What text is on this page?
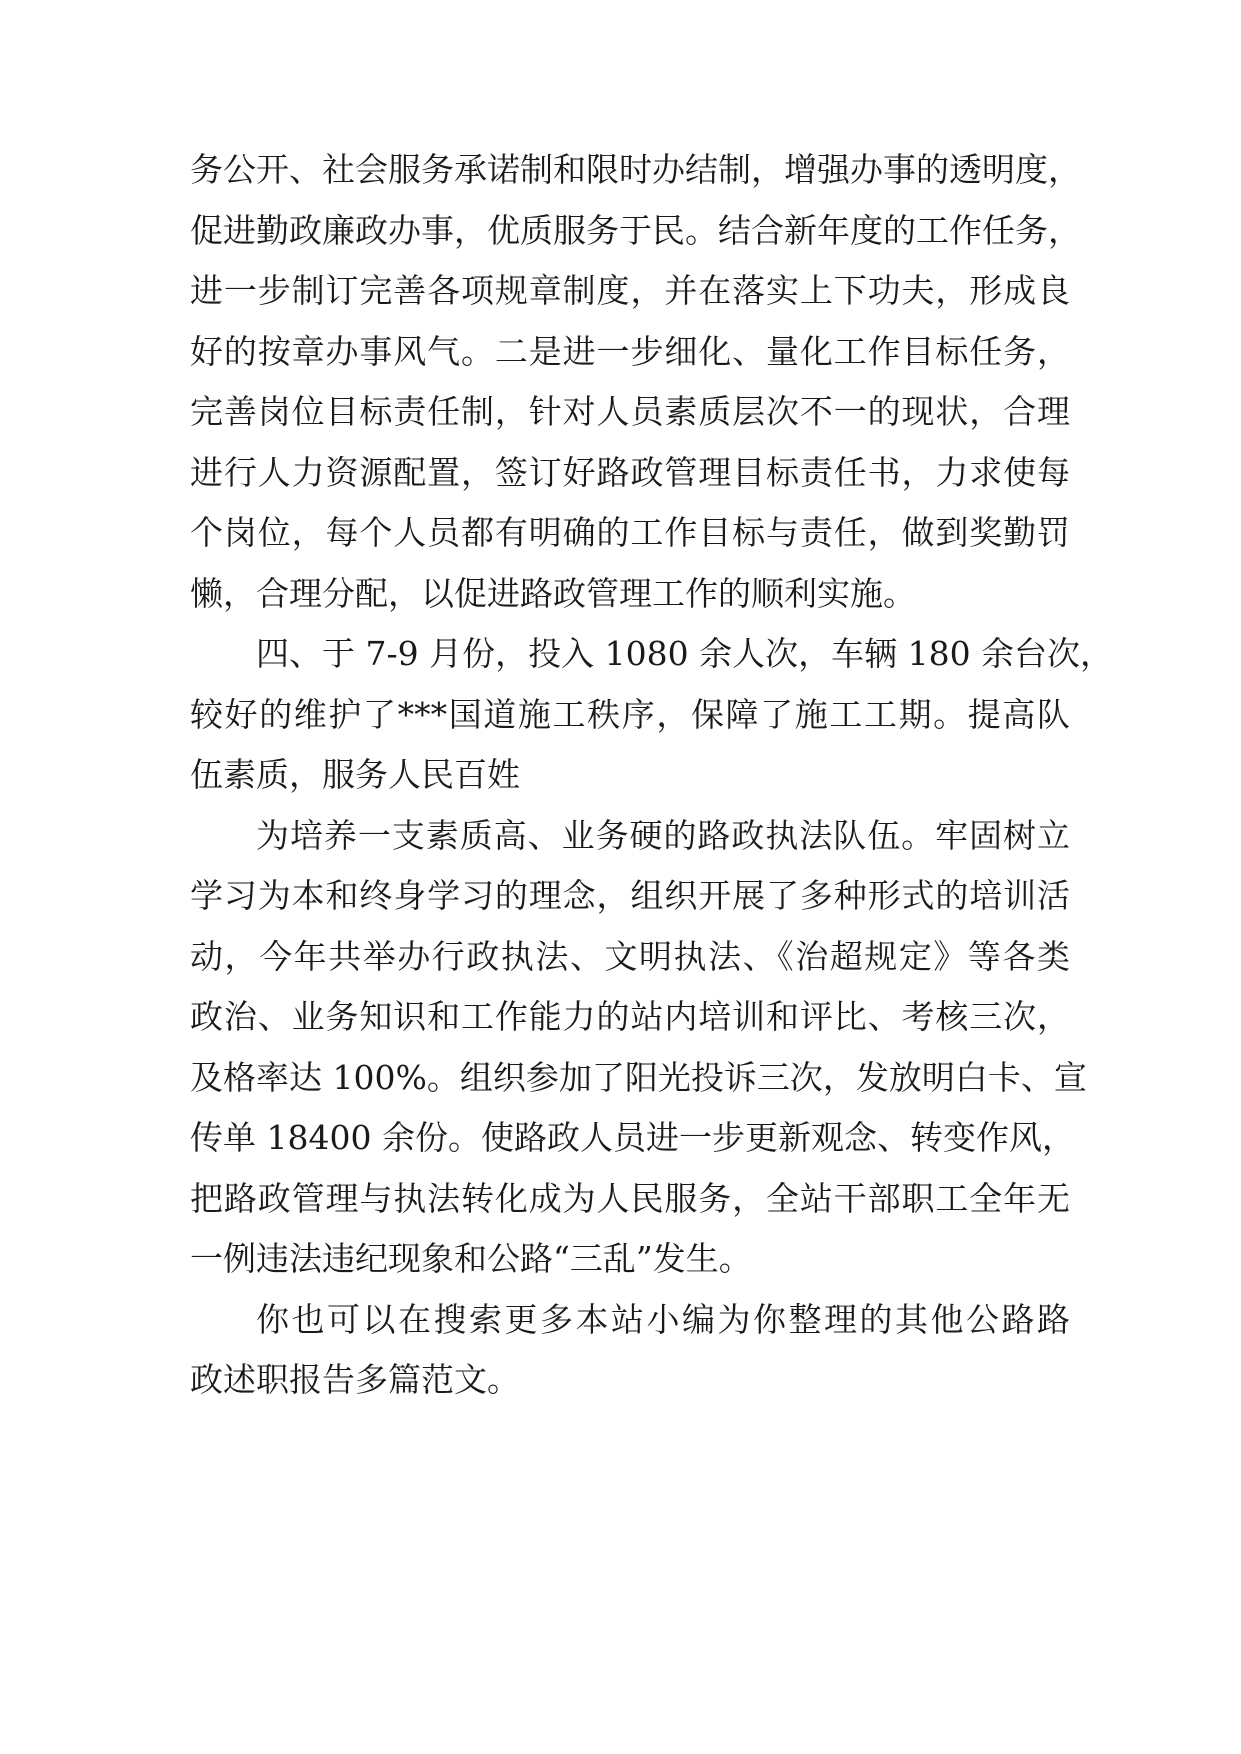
务公开、社会服务承诺制和限时办结制，增强办事的透明度，
促进勤政廉政办事，优质服务于民。结合新年度的工作任务，
进一步制订完善各项规章制度，并在落实上下功夫，形成良
好的按章办事风气。二是进一步细化、量化工作目标任务，
完善岗位目标责任制，针对人员素质层次不一的现状，合理
进行人力资源配置，签订好路政管理目标责任书，力求使每
个岗位，每个人员都有明确的工作目标与责任，做到奖勤罚
懒，合理分配，以促进路政管理工作的顺利实施。
四、于 7-9 月份，投入 1080 余人次，车辆 180 余台次，
较好的维护了***国道施工秩序，保障了施工工期。提高队
伍素质，服务人民百姓
为培养一支素质高、业务硬的路政执法队伍。牢固树立
学习为本和终身学习的理念，组织开展了多种形式的培训活
动，今年共举办行政执法、文明执法、《治超规定》等各类
政治、业务知识和工作能力的站内培训和评比、考核三次，
及格率达 100%。组织参加了阳光投诉三次，发放明白卡、宣
传单 18400 余份。使路政人员进一步更新观念、转变作风，
把路政管理与执法转化成为人民服务，全站干部职工全年无
一例违法违纪现象和公路“三乱”发生。
你也可以在搜索更多本站小编为你整理的其他公路路
政述职报告多篇范文。
